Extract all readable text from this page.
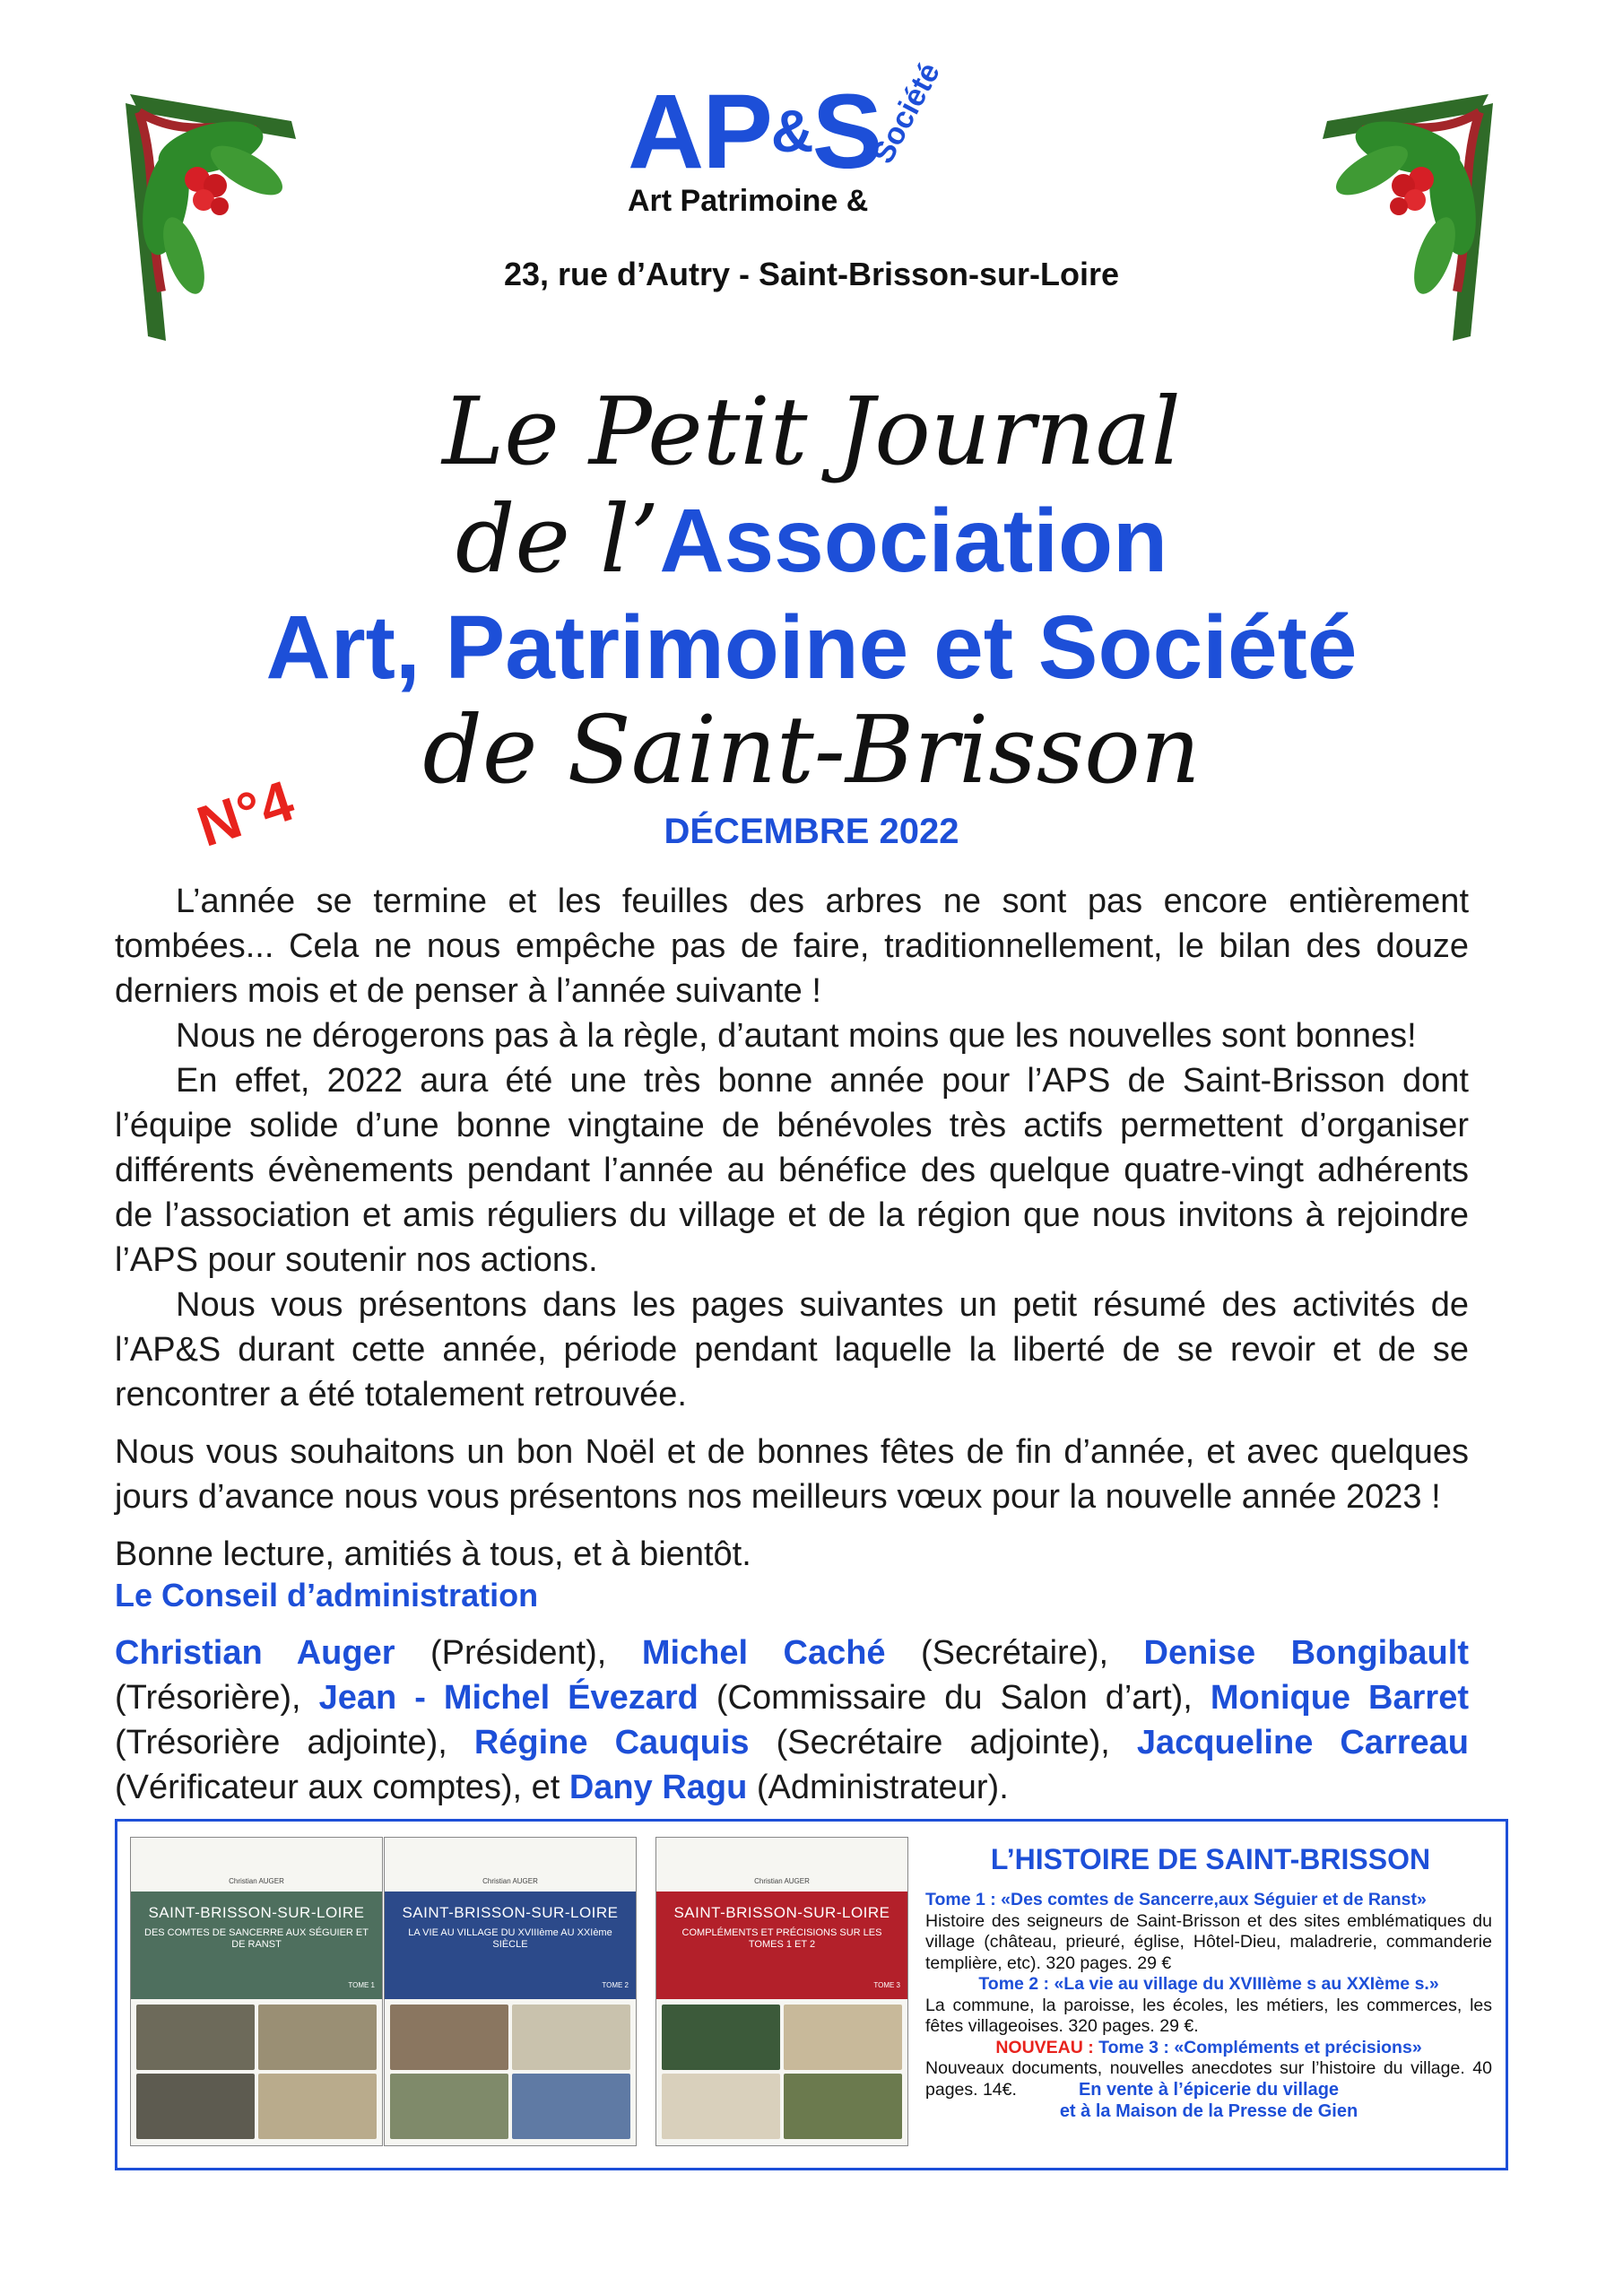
AP&S
Société
Art Patrimoine &
23, rue d’Autry - Saint-Brisson-sur-Loire
Le Petit Journal
de l’Association
Art, Patrimoine et Société
de Saint-Brisson
N°4	DÉCEMBRE 2022

L’année se termine et les feuilles des arbres ne sont pas encore entièrement tombées... Cela ne nous empêche pas de faire, traditionnellement, le bilan des douze derniers mois et de penser à l’année suivante !

Nous ne dérogerons pas à la règle, d’autant moins que les nouvelles sont bonnes!

En effet, 2022 aura été une très bonne année pour l’APS de Saint-Brisson dont l’équipe solide d’une bonne vingtaine de bénévoles très actifs permettent d’organiser différents évènements pendant l’année au bénéfice des quelque quatre-vingt adhérents de l’association et amis réguliers du village et de la région que nous invitons à rejoindre l’APS pour soutenir nos actions.

Nous vous présentons dans les pages suivantes un petit résumé des activités de l’AP&S durant cette année, période pendant laquelle la liberté de se revoir et de se rencontrer a été totalement retrouvée.

Nous vous souhaitons un bon Noël et de bonnes fêtes de fin d’année, et avec quelques jours d’avance nous vous présentons nos meilleurs vœux pour la nouvelle année 2023 !

Bonne lecture, amitiés à tous, et à bientôt.

Le Conseil d’administration
Christian Auger (Président), Michel Caché (Secrétaire), Denise Bongibault (Trésorière), Jean - Michel Évezard (Commissaire du Salon d’art), Monique Barret (Trésorière adjointe), Régine Cauquis (Secrétaire adjointe), Jacqueline Carreau (Vérificateur aux comptes), et Dany Ragu (Administrateur).
Christian AUGER
SAINT-BRISSON-SUR-LOIRE
DES COMTES DE SANCERRE AUX SÉGUIER ET DE RANST
TOME 1
Christian AUGER
SAINT-BRISSON-SUR-LOIRE
LA VIE AU VILLAGE DU XVIIIème AU XXIème SIÈCLE
TOME 2
Christian AUGER
SAINT-BRISSON-SUR-LOIRE
COMPLÉMENTS ET PRÉCISIONS SUR LES TOMES 1 ET 2
TOME 3
L’HISTOIRE DE SAINT-BRISSON

Tome 1 : «Des comtes de Sancerre,aux Séguier et de Ranst»

Histoire des seigneurs de Saint-Brisson et des sites emblématiques du village (château, prieuré, église, Hôtel-Dieu, maladrerie, commanderie templière, etc). 320 pages. 29 €

Tome 2 : «La vie au village du XVIIIème s au XXIème s.»

La commune, la paroisse, les écoles, les métiers, les commerces, les fêtes villageoises. 320 pages. 29 €.

NOUVEAU : Tome 3 : «Compléments et précisions»

Nouveaux documents, nouvelles anecdotes sur l’histoire du village. 40 pages. 14€.	En vente à l’épicerie du village
et à la Maison de la Presse de Gien
